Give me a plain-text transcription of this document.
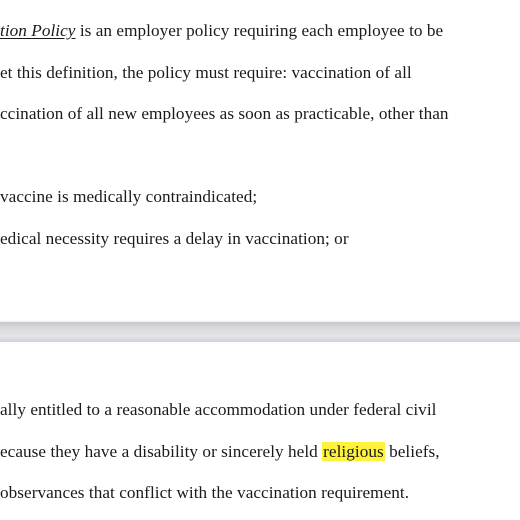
tion Policy is an employer policy requiring each employee to be
et this definition, the policy must require: vaccination of all
ccination of all new employees as soon as practicable, other than
vaccine is medically contraindicated;
edical necessity requires a delay in vaccination; or
ally entitled to a reasonable accommodation under federal civil
ecause they have a disability or sincerely held religious beliefs,
observances that conflict with the vaccination requirement.
